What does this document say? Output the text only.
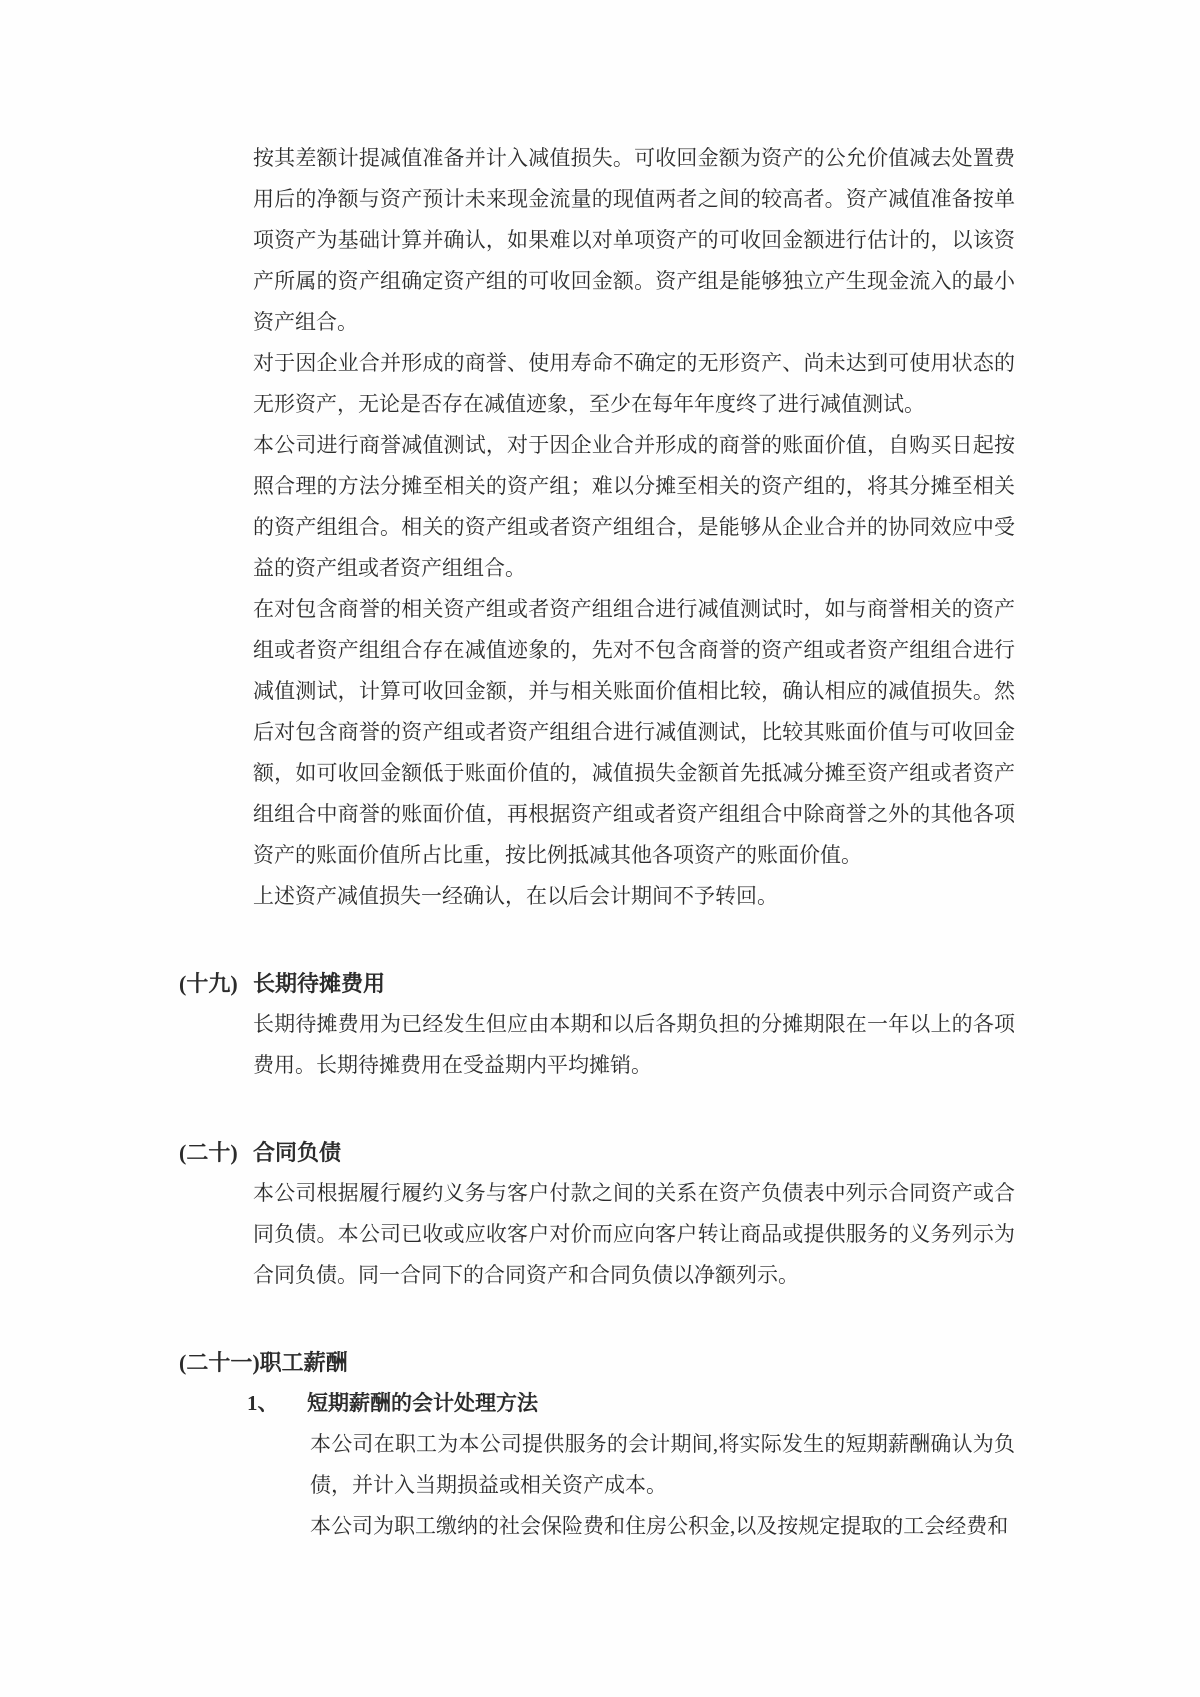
按其差额计提减值准备并计入减值损失。可收回金额为资产的公允价值减去处置费
用后的净额与资产预计未来现金流量的现值两者之间的较高者。资产减值准备按单
项资产为基础计算并确认，如果难以对单项资产的可收回金额进行估计的，以该资
产所属的资产组确定资产组的可收回金额。资产组是能够独立产生现金流入的最小
资产组合。
对于因企业合并形成的商誉、使用寿命不确定的无形资产、尚未达到可使用状态的
无形资产，无论是否存在减值迹象，至少在每年年度终了进行减值测试。
本公司进行商誉减值测试，对于因企业合并形成的商誉的账面价值，自购买日起按
照合理的方法分摊至相关的资产组；难以分摊至相关的资产组的，将其分摊至相关
的资产组组合。相关的资产组或者资产组组合，是能够从企业合并的协同效应中受
益的资产组或者资产组组合。
在对包含商誉的相关资产组或者资产组组合进行减值测试时，如与商誉相关的资产
组或者资产组组合存在减值迹象的，先对不包含商誉的资产组或者资产组组合进行
减值测试，计算可收回金额，并与相关账面价值相比较，确认相应的减值损失。然
后对包含商誉的资产组或者资产组组合进行减值测试，比较其账面价值与可收回金
额，如可收回金额低于账面价值的，减值损失金额首先抵减分摊至资产组或者资产
组组合中商誉的账面价值，再根据资产组或者资产组组合中除商誉之外的其他各项
资产的账面价值所占比重，按比例抵减其他各项资产的账面价值。
上述资产减值损失一经确认，在以后会计期间不予转回。
(十九) 长期待摊费用
长期待摊费用为已经发生但应由本期和以后各期负担的分摊期限在一年以上的各项
费用。长期待摊费用在受益期内平均摊销。
(二十) 合同负债
本公司根据履行履约义务与客户付款之间的关系在资产负债表中列示合同资产或合
同负债。本公司已收或应收客户对价而应向客户转让商品或提供服务的义务列示为
合同负债。同一合同下的合同资产和合同负债以净额列示。
(二十一) 职工薪酬
1、	短期薪酬的会计处理方法
本公司在职工为本公司提供服务的会计期间,将实际发生的短期薪酬确认为负
债，并计入当期损益或相关资产成本。
本公司为职工缴纳的社会保险费和住房公积金,以及按规定提取的工会经费和
